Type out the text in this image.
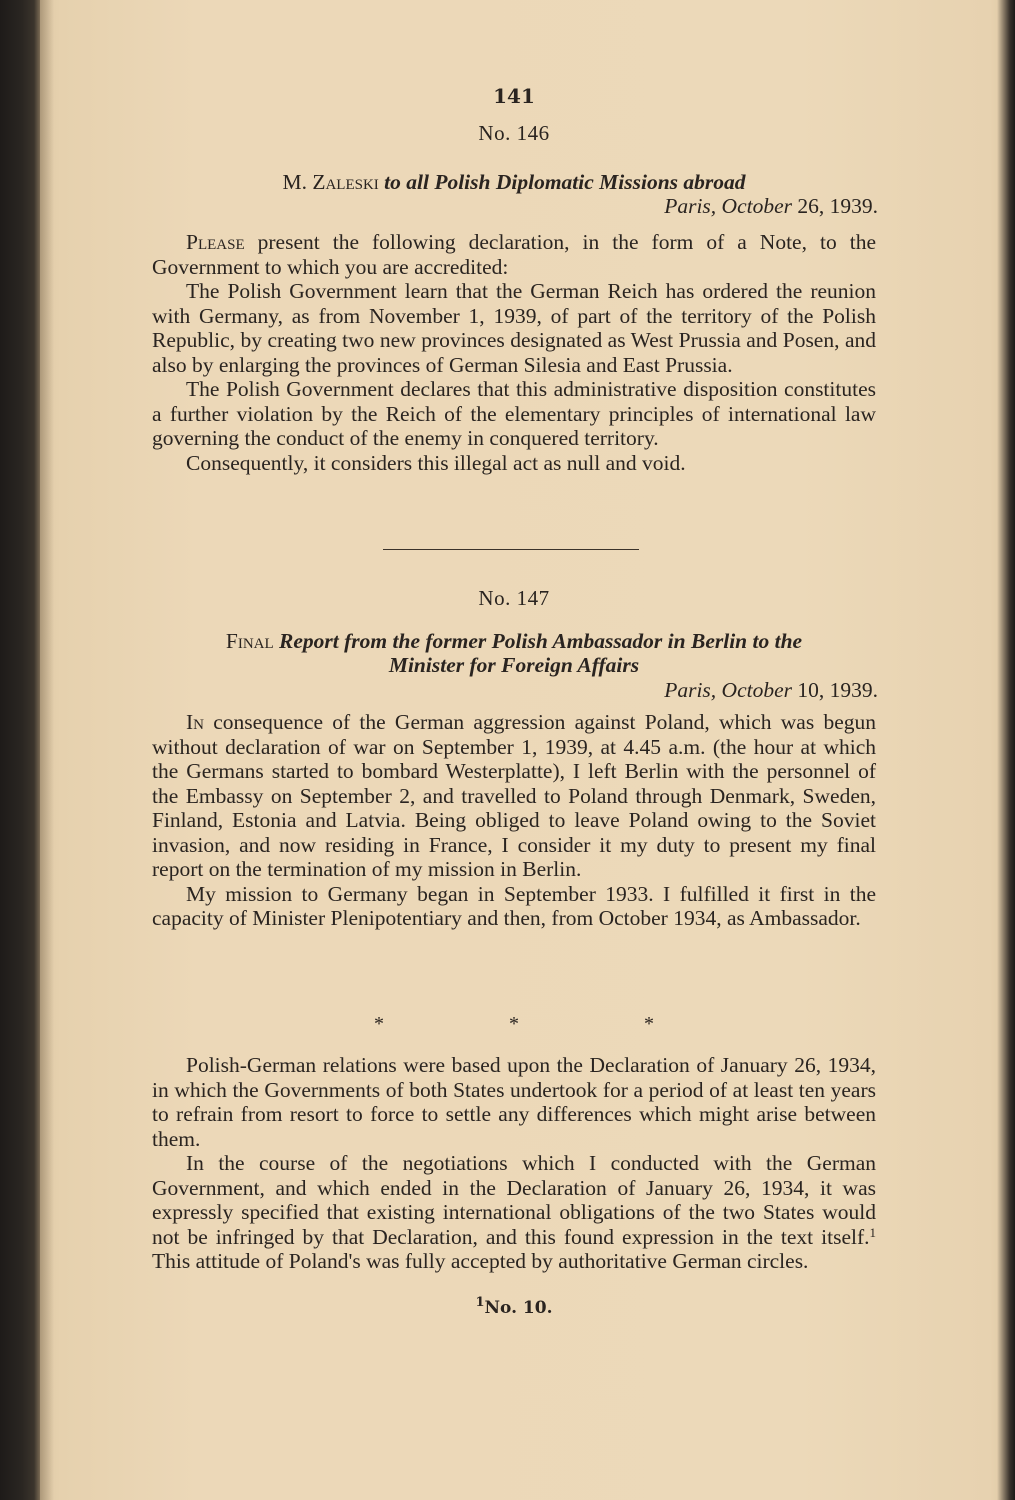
141
No. 146
M. Zaleski to all Polish Diplomatic Missions abroad
Paris, October 26, 1939.

Please present the following declaration, in the form of a Note, to the Government to which you are accredited:

The Polish Government learn that the German Reich has ordered the reunion with Germany, as from November 1, 1939, of part of the territory of the Polish Republic, by creating two new provinces designated as West Prussia and Posen, and also by enlarging the provinces of German Silesia and East Prussia.

The Polish Government declares that this administrative disposition constitutes a further violation by the Reich of the elementary principles of international law governing the conduct of the enemy in conquered territory.

Consequently, it considers this illegal act as null and void.

No. 147
Final Report from the former Polish Ambassador in Berlin to the
Minister for Foreign Affairs
Paris, October 10, 1939.

In consequence of the German aggression against Poland, which was begun without declaration of war on September 1, 1939, at 4.45 a.m. (the hour at which the Germans started to bombard Westerplatte), I left Berlin with the personnel of the Embassy on September 2, and travelled to Poland through Denmark, Sweden, Finland, Estonia and Latvia. Being obliged to leave Poland owing to the Soviet invasion, and now residing in France, I consider it my duty to present my final report on the termination of my mission in Berlin.

My mission to Germany began in September 1933. I fulfilled it first in the capacity of Minister Plenipotentiary and then, from October 1934, as Ambassador.

* * *

Polish-German relations were based upon the Declaration of January 26, 1934, in which the Governments of both States undertook for a period of at least ten years to refrain from resort to force to settle any differences which might arise between them.

In the course of the negotiations which I conducted with the German Government, and which ended in the Declaration of January 26, 1934, it was expressly specified that existing international obligations of the two States would not be infringed by that Declaration, and this found expression in the text itself.$^1$ This attitude of Poland's was fully accepted by authoritative German circles.

$^1$No. 10.
